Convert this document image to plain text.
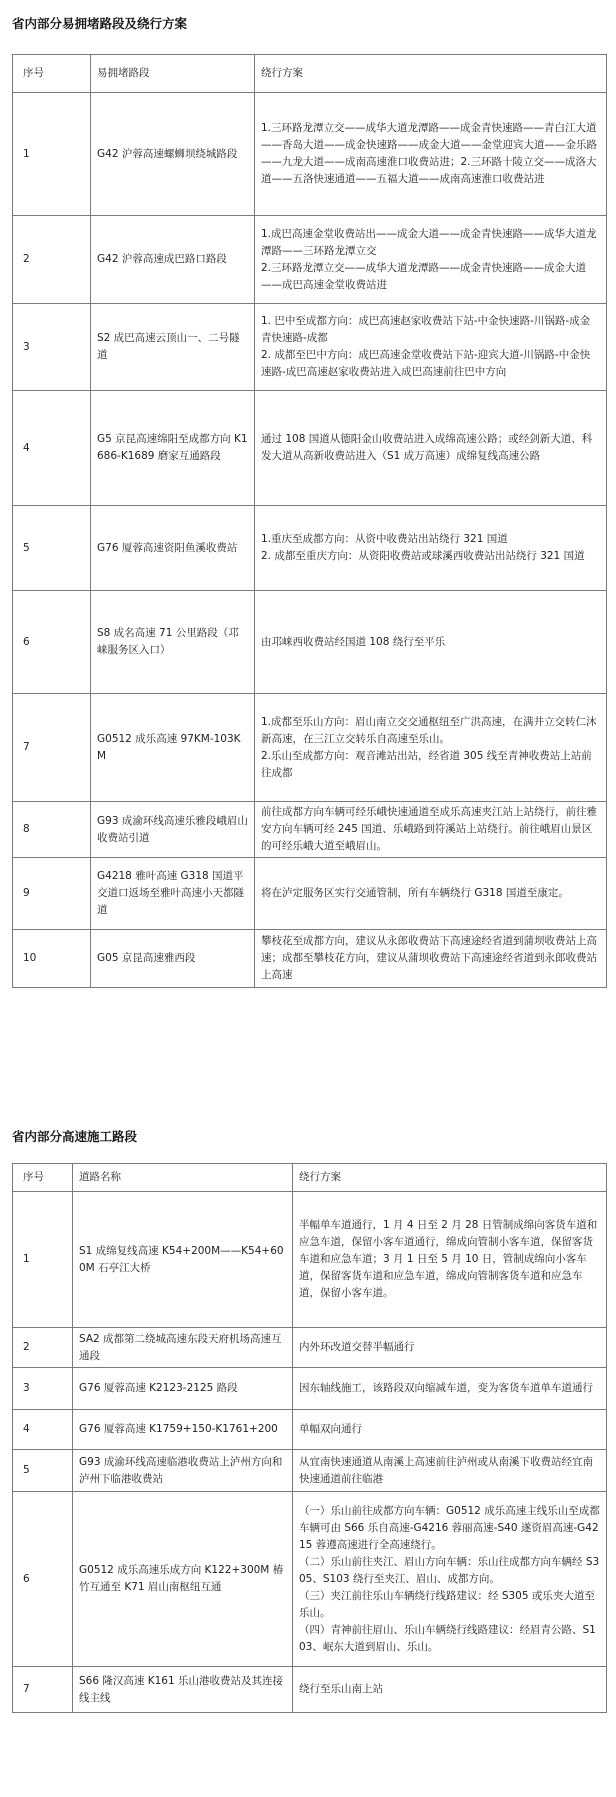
省内部分易拥堵路段及绕行方案
序号	易拥堵路段	绕行方案
1	G42 沪蓉高速螺蛳坝绕城路段	1.三环路龙潭立交——成华大道龙潭路——成金青快速路——青白江大道——香岛大道——成金快速路——成金大道——金堂迎宾大道——金乐路——九龙大道——成南高速淮口收费站进；2.三环路十陵立交——成洛大道——五洛快速通道——五福大道——成南高速淮口收费站进

2	G42 沪蓉高速成巴路口路段	1.成巴高速金堂收费站出——成金大道——成金青快速路——成华大道龙潭路——三环路龙潭立交
2.三环路龙潭立交——成华大道龙潭路——成金青快速路——成金大道——成巴高速金堂收费站进

3	S2 成巴高速云顶山一、二号隧道	1. 巴中至成都方向：成巴高速赵家收费站下站-中金快速路-川锅路-成金青快速路-成都
2. 成都至巴中方向：成巴高速金堂收费站下站-迎宾大道-川锅路-中金快速路-成巴高速赵家收费站进入成巴高速前往巴中方向

4	G5 京昆高速绵阳至成都方向 K1686-K1689 磨家互通路段	通过 108 国道从德阳金山收费站进入成绵高速公路；或经剑新大道、科发大道从高新收费站进入（S1 成万高速）成绵复线高速公路

5	G76 厦蓉高速资阳鱼溪收费站	1.重庆至成都方向：从资中收费站出站绕行 321 国道
2. 成都至重庆方向：从资阳收费站或球溪西收费站出站绕行 321 国道

6	S8 成名高速 71 公里路段（邛崃服务区入口）	由邛崃西收费站经国道 108 绕行至平乐

7	G0512 成乐高速 97KM-103KM	1.成都至乐山方向：眉山南立交交通枢纽至广洪高速，在满井立交转仁沐新高速，在三江立交转乐自高速至乐山。
2.乐山至成都方向：观音滩站出站，经省道 305 线至青神收费站上站前往成都

8	G93 成渝环线高速乐雅段峨眉山收费站引道	前往成都方向车辆可经乐峨快速通道至成乐高速夹江站上站绕行，前往雅安方向车辆可经 245 国道、乐峨路到符溪站上站绕行。前往峨眉山景区的可经乐峨大道至峨眉山。

9	G4218 雅叶高速 G318 国道平交道口返场至雅叶高速小天都隧道	将在泸定服务区实行交通管制，所有车辆绕行 G318 国道至康定。

10	G05 京昆高速雅西段	攀枝花至成都方向，建议从永郎收费站下高速途经省道到蒲坝收费站上高速；成都至攀枝花方向，建议从蒲坝收费站下高速途经省道到永郎收费站上高速
省内部分高速施工路段
序号	道路名称	绕行方案
1	S1 成绵复线高速 K54+200M——K54+600M 石亭江大桥	半幅单车道通行，1 月 4 日至 2 月 28 日管制成绵向客货车道和应急车道，保留小客车道通行，绵成向管制小客车道，保留客货车道和应急车道；3 月 1 日至 5 月 10 日，管制成绵向小客车道，保留客货车道和应急车道，绵成向管制客货车道和应急车道，保留小客车道。

2	SA2 成都第二绕城高速东段天府机场高速互通段	内外环改道交替半幅通行

3	G76 厦蓉高速 K2123-2125 路段	因东轴线施工，该路段双向缩减车道，变为客货车道单车道通行

4	G76 厦蓉高速 K1759+150-K1761+200	单幅双向通行

5	G93 成渝环线高速临港收费站上泸州方向和泸州下临港收费站	从宜南快速通道从南溪上高速前往泸州或从南溪下收费站经宜南快速通道前往临港

6	G0512 成乐高速乐成方向 K122+300M 椿竹互通至 K71 眉山南枢纽互通	（一）乐山前往成都方向车辆：G0512 成乐高速主线乐山至成都车辆可由 S66 乐自高速-G4216 蓉丽高速-S40 遂资眉高速-G4215 蓉遵高速进行全高速绕行。
（二）乐山前往夹江、眉山方向车辆：乐山往成都方向车辆经 S305、S103 绕行至夹江、眉山、成都方向。
（三）夹江前往乐山车辆绕行线路建议：经 S305 或乐夹大道至乐山。
（四）青神前往眉山、乐山车辆绕行线路建议：经眉青公路、S103、岷东大道到眉山、乐山。

7	S66 隆汉高速 K161 乐山港收费站及其连接线主线	绕行至乐山南上站
